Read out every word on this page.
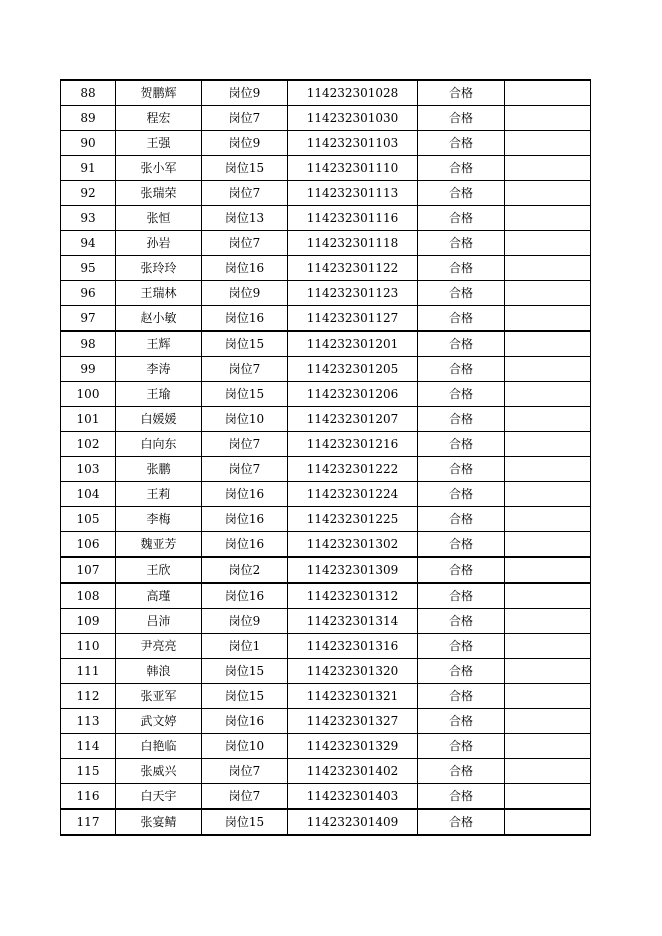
88	贺鹏辉	岗位9	114232301028	合格	
89	程宏	岗位7	114232301030	合格	
90	王强	岗位9	114232301103	合格	
91	张小军	岗位15	114232301110	合格	
92	张瑞荣	岗位7	114232301113	合格	
93	张恒	岗位13	114232301116	合格	
94	孙岩	岗位7	114232301118	合格	
95	张玲玲	岗位16	114232301122	合格	
96	王瑞林	岗位9	114232301123	合格	
97	赵小敏	岗位16	114232301127	合格	
98	王辉	岗位15	114232301201	合格	
99	李涛	岗位7	114232301205	合格	
100	王瑜	岗位15	114232301206	合格	
101	白媛媛	岗位10	114232301207	合格	
102	白向东	岗位7	114232301216	合格	
103	张鹏	岗位7	114232301222	合格	
104	王莉	岗位16	114232301224	合格	
105	李梅	岗位16	114232301225	合格	
106	魏亚芳	岗位16	114232301302	合格	
107	王欣	岗位2	114232301309	合格	
108	高瑾	岗位16	114232301312	合格	
109	吕沛	岗位9	114232301314	合格	
110	尹亮亮	岗位1	114232301316	合格	
111	韩浪	岗位15	114232301320	合格	
112	张亚军	岗位15	114232301321	合格	
113	武文婷	岗位16	114232301327	合格	
114	白艳临	岗位10	114232301329	合格	
115	张威兴	岗位7	114232301402	合格	
116	白天宇	岗位7	114232301403	合格	
117	张宴鲭	岗位15	114232301409	合格	
